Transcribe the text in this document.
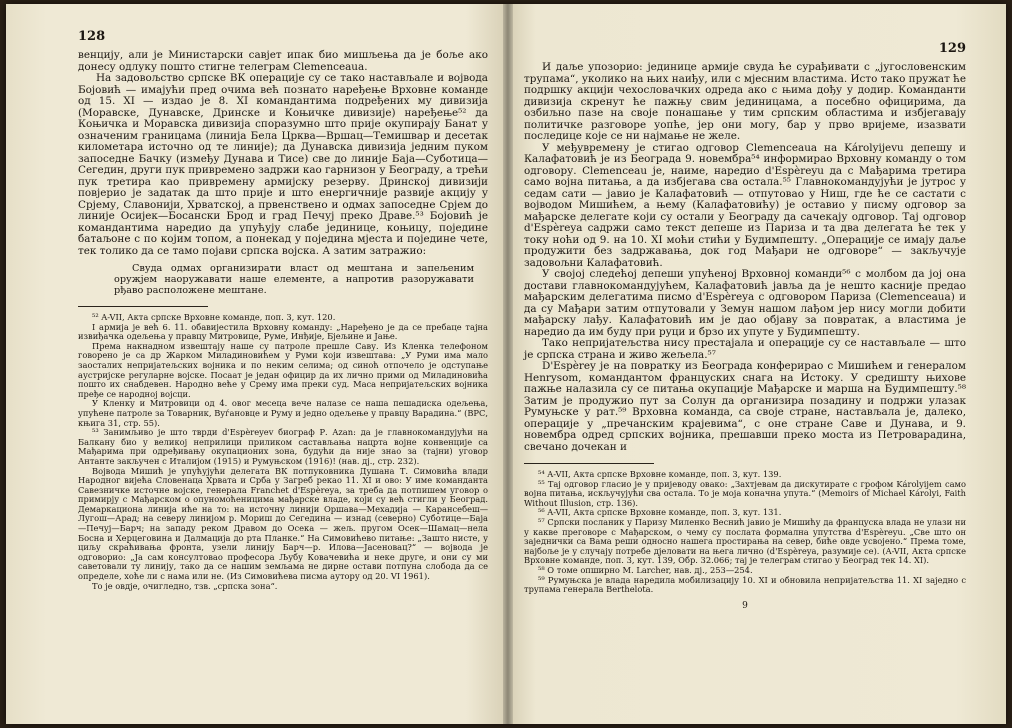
128

венцију, али је Министарски савјет ипак био мишљења да је боље ако донесу одлуку пошто стигне телеграм Clemenceaua.

На задовољство српске ВК операције су се тако настављале и војвода Бојовић — имајући пред очима већ познато наређење Врховне команде од 15. XI — издао је 8. XI командантима подређених му дивизија (Моравске, Дунавске, Дринске и Коњичке дивизије) наређење⁵² да Коњичка и Моравска дивизија споразумно што прије окупирају Банат у означеним границама (линија Бела Црква—Вршац—Темишвар и десетак километара источно од те линије); да Дунавска дивизија једним пуком запоседне Бачку (између Дунава и Тисе) све до линије Баја—Суботица—Сегедин, други пук привремено задржи као гарнизон у Београду, а трећи пук третира као привремену армијску резерву. Дринској дивизији повјерио је задатак да што прије и што енергичније развије акцију у Срјему, Славонији, Хрватској, а првенствено и одмах запоседне Срјем до линије Осијек—Босански Брод и град Печуј преко Драве.⁵³ Бојовић је командантима наредио да упућују слабе јединице, коњицу, поједине батаљоне с по којим топом, а понекад у поједина мјеста и поједине чете, тек толико да се тамо појави српска војска. А затим затражио:

Свуда одмах организирати власт од мештана и запељеним оружјем наоружавати наше елементе, а напротив разоружавати рђаво расположене мештане.

⁵² A-VII, Акта српске Врховне команде, поп. 3, кут. 120.

I армија је већ 6. 11. обавијестила Врховну команду: „Наређено је да се пребаце тајна извиђачка одељења у правцу Митровице, Руме, Инђије, Бјељине и Јање.

Према накнадном извештају наше су патроле прешле Саву. Из Кленка телефоном говорено је са др Жарком Миладиновићем у Руми који извештава: „У Руми има мало заосталих непријатељских војника и по неким селима; од синоћ отпочело је одступање аустријске регуларне војске. Посаат је један официр да их лично прими од Миладиновића пошто их снабдевен. Народно веће у Срему има преки суд. Маса непријатељских војника пређе се народној војсци.

У Кленку и Митровици од 4. овог месеца вече налазе се наша пешадиска одељења, упућене патроле за Товарник, Вуѓановце и Руму и једно одељење у правцу Варадина.“ (ВРС, књига 31, стр. 55).

⁵³ Занимљиво је што тврди d'Espèreyev биограф Р. Azan: да је главнокомандујући на Балкану био у великој неприлици приликом састављања нацрта војне конвенције са Мађарима при одређивању окупационих зона, будући да није знао за (тајни) уговор Антанте закључен с Италијом (1915) и Румуњском (1916)! (нав. дј., стр. 232).

Војвода Мишић је упућујући делегата ВК потпуковника Душана Т. Симовића влади Народног вијећа Словенаца Хрвата и Срба у Загреб рекао 11. XI и ово: У име команданта Савезничке источне војске, генерала Franchet d'Espèreya, за треба да потпишем уговор о примирју с Мађарском о опуномоћеницима мађарске владе, који су већ стигли у Београд. Демаркациона линија иће на то: на источну линији Оршава—Мехадија — Карансебеш—Лугош—Арад; на северу линијом р. Мориш до Сегедина — изнад (северно) Суботице—Баја—Печуј—Барч; на западу реком Дравом до Осека — жељ. пругом Осек—Шамац—нела Босна и Херцеговина и Далмација до рта Планке.“ На Симовићево питање: „Зашто нисте, у циљу скраћивања фронта, узели линију Барч—р. Илова—Јасеновац?“ — војвода је одговорио: „Ја сам консултовао професора Љубу Ковачевића и неке друге, и они су ми саветовали ту линију, тако да се нашим земљама не дирне остави потпуна слобода да се определе, хоће ли с нама или не. (Из Симовићева писма аутору од 20. VI 1961).

То је овдје, очигледно, тзв. „српска зона“.

129

И даље упозорио: јединице армије свуда ће сурађивати с „југословенским трупама“, уколико на њих наиђу, или с мјесним властима. Исто тако пружат ће подршку акцији чехословачких одреда ако с њима дођу у додир. Команданти дивизија скренут ће пажњу свим јединицама, а посебно официрима, да озбиљно пазе на своје понашање у тим српским областима и избјегавају политичке разговоре уопће, јер они могу, бар у прво вријеме, изазвати последице које се ни најмање не желе.

У међувремену је стигао одговор Clemenceaua на Károlyijevu депешу и Калафатовић је из Београда 9. новембра⁵⁴ информирао Врховну команду о том одговору. Clemenceau је, наиме, наредио d'Espèreyu да с Мађарима третира само војна питања, а да избјегава сва остала.⁵⁵ Главнокомандујући је јутрос у седам сати — јавио је Калафатовић — отпутовао у Ниш, где ће се састати с војводом Мишићем, а њему (Калафатовићу) је оставио у писму одговор за мађарске делегате који су остали у Београду да сачекају одговор. Тај одговор d'Espèreya садржи само текст депеше из Париза и та два делегата ће тек у току ноћи од 9. на 10. XI моћи стићи у Будимпешту. „Операције се имају даље продужити без задржавања, док год Мађари не одговоре“ — закључује задовољни Калафатовић.

У својој следећој депеши упућеној Врховној команди⁵⁶ с молбом да јој она достави главнокомандујућем, Калафатовић јавља да је нешто касније предао мађарским делегатима писмо d'Espèreya с одговором Париза (Clemenceaua) и да су Мађари затим отпутовали у Земун нашом лађом јер нису могли добити мађарску лађу. Калафатовић им је дао објаву за повратак, а властима је наредио да им буду при руци и брзо их упуте у Будимпешту.

Тако непријатељства нису престајала и операције су се настављале — што је српска страна и живо жељела.⁵⁷

D'Espèrey је на повратку из Београда конферирао с Мишићем и генералом Henrysom, командантом француских снага на Истоку. У средишту њихове пажње налазила су се питања окупације Мађарске и марша на Будимпешту.⁵⁸ Затим је продужио пут за Солун да организира позадину и подржи улазак Румуњске у рат.⁵⁹ Врховна команда, са своје стране, настављала је, далеко, операције у „пречанским крајевима“, с оне стране Саве и Дунава, и 9. новембра одред српских војника, прешавши преко моста из Петроварадина, свечано дочекан и

⁵⁴ A-VII, Акта српске Врховне команде, поп. 3, кут. 139.

⁵⁵ Тај одговор гласио је у пријеводу овако: „Захтјевам да дискутирате с грофом Károlyijem само војна питања, искључујући сва остала. То је моја коначна упута.“ (Memoirs of Michael Károlyi, Faith Without Illusion, стр. 136).

⁵⁶ A-VII, Акта српске Врховне команде, поп. 3, кут. 131.

⁵⁷ Српски посланик у Паризу Миленко Веснић јавио је Мишићу да француска влада не улази ни у какве преговоре с Мађарском, о чему су послата формална упутства d'Espèreyu. „Све што он заједнички са Вама реши односно нашега простирања на север, биће овде усвојено.“ Према томе, најбоље је у случају потребе дјеловати на њега лично (d'Espèreya, разумије се). (A-VII, Акта српске Врховне команде, поп. 3, кут. 139, Обр. 32.066; тај је телеграм стигао у Београд тек 14. XI).

⁵⁸ О томе опширно M. Larcher, нав. дј., 253—254.

⁵⁹ Румуњска је влада наредила мобилизацију 10. XI и обновила непријатељства 11. XI заједно с трупама генерала Berthelota.

9
